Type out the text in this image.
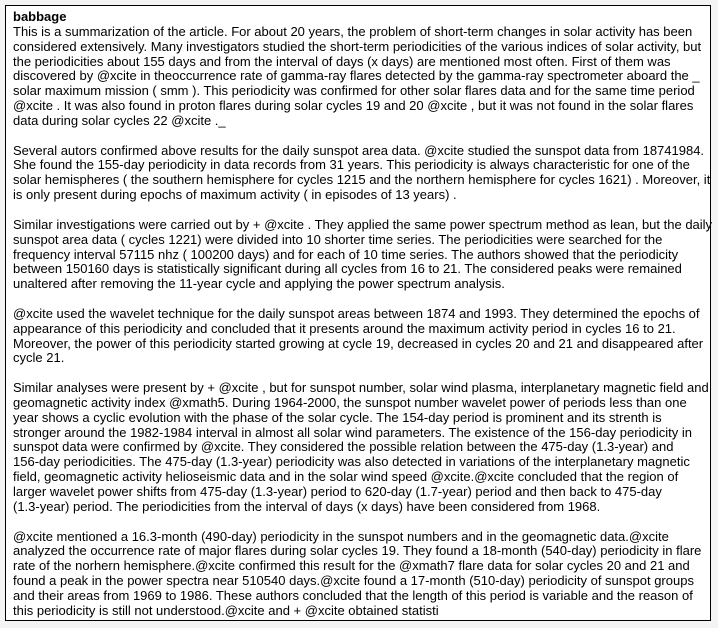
babbage
This is a summarization of the article. For about 20 years, the problem of short-term changes in solar activity has been
considered extensively. Many investigators studied the short-term periodicities of the various indices of solar activity, but
the periodicities about 155 days and from the interval of days (x days) are mentioned most often. First of them was
discovered by @xcite in theoccurrence rate of gamma-ray flares detected by the gamma-ray spectrometer aboard the _
solar maximum mission ( smm ). This periodicity was confirmed for other solar flares data and for the same time period
@xcite . It was also found in proton flares during solar cycles 19 and 20 @xcite , but it was not found in the solar flares
data during solar cycles 22 @xcite ._
Several autors confirmed above results for the daily sunspot area data. @xcite studied the sunspot data from 18741984.
She found the 155-day periodicity in data records from 31 years. This periodicity is always characteristic for one of the
solar hemispheres ( the southern hemisphere for cycles 1215 and the northern hemisphere for cycles 1621) . Moreover, it
is only present during epochs of maximum activity ( in episodes of 13 years) .
Similar investigations were carried out by + @xcite . They applied the same power spectrum method as lean, but the daily
sunspot area data ( cycles 1221) were divided into 10 shorter time series. The periodicities were searched for the
frequency interval 57115 nhz ( 100200 days) and for each of 10 time series. The authors showed that the periodicity
between 150160 days is statistically significant during all cycles from 16 to 21. The considered peaks were remained
unaltered after removing the 11-year cycle and applying the power spectrum analysis.
@xcite used the wavelet technique for the daily sunspot areas between 1874 and 1993. They determined the epochs of
appearance of this periodicity and concluded that it presents around the maximum activity period in cycles 16 to 21.
Moreover, the power of this periodicity started growing at cycle 19, decreased in cycles 20 and 21 and disappeared after
cycle 21.
Similar analyses were present by + @xcite , but for sunspot number, solar wind plasma, interplanetary magnetic field and
geomagnetic activity index @xmath5. During 1964-2000, the sunspot number wavelet power of periods less than one
year shows a cyclic evolution with the phase of the solar cycle. The 154-day period is prominent and its strenth is
stronger around the 1982-1984 interval in almost all solar wind parameters. The existence of the 156-day periodicity in
sunspot data were confirmed by @xcite. They considered the possible relation between the 475-day (1.3-year) and
156-day periodicities. The 475-day (1.3-year) periodicity was also detected in variations of the interplanetary magnetic
field, geomagnetic activity helioseismic data and in the solar wind speed @xcite.@xcite concluded that the region of
larger wavelet power shifts from 475-day (1.3-year) period to 620-day (1.7-year) period and then back to 475-day
(1.3-year) period. The periodicities from the interval of days (x days) have been considered from 1968.
@xcite mentioned a 16.3-month (490-day) periodicity in the sunspot numbers and in the geomagnetic data.@xcite
analyzed the occurrence rate of major flares during solar cycles 19. They found a 18-month (540-day) periodicity in flare
rate of the norhern hemisphere.@xcite confirmed this result for the @xmath7 flare data for solar cycles 20 and 21 and
found a peak in the power spectra near 510540 days.@xcite found a 17-month (510-day) periodicity of sunspot groups
and their areas from 1969 to 1986. These authors concluded that the length of this period is variable and the reason of
this periodicity is still not understood.@xcite and + @xcite obtained statisti
